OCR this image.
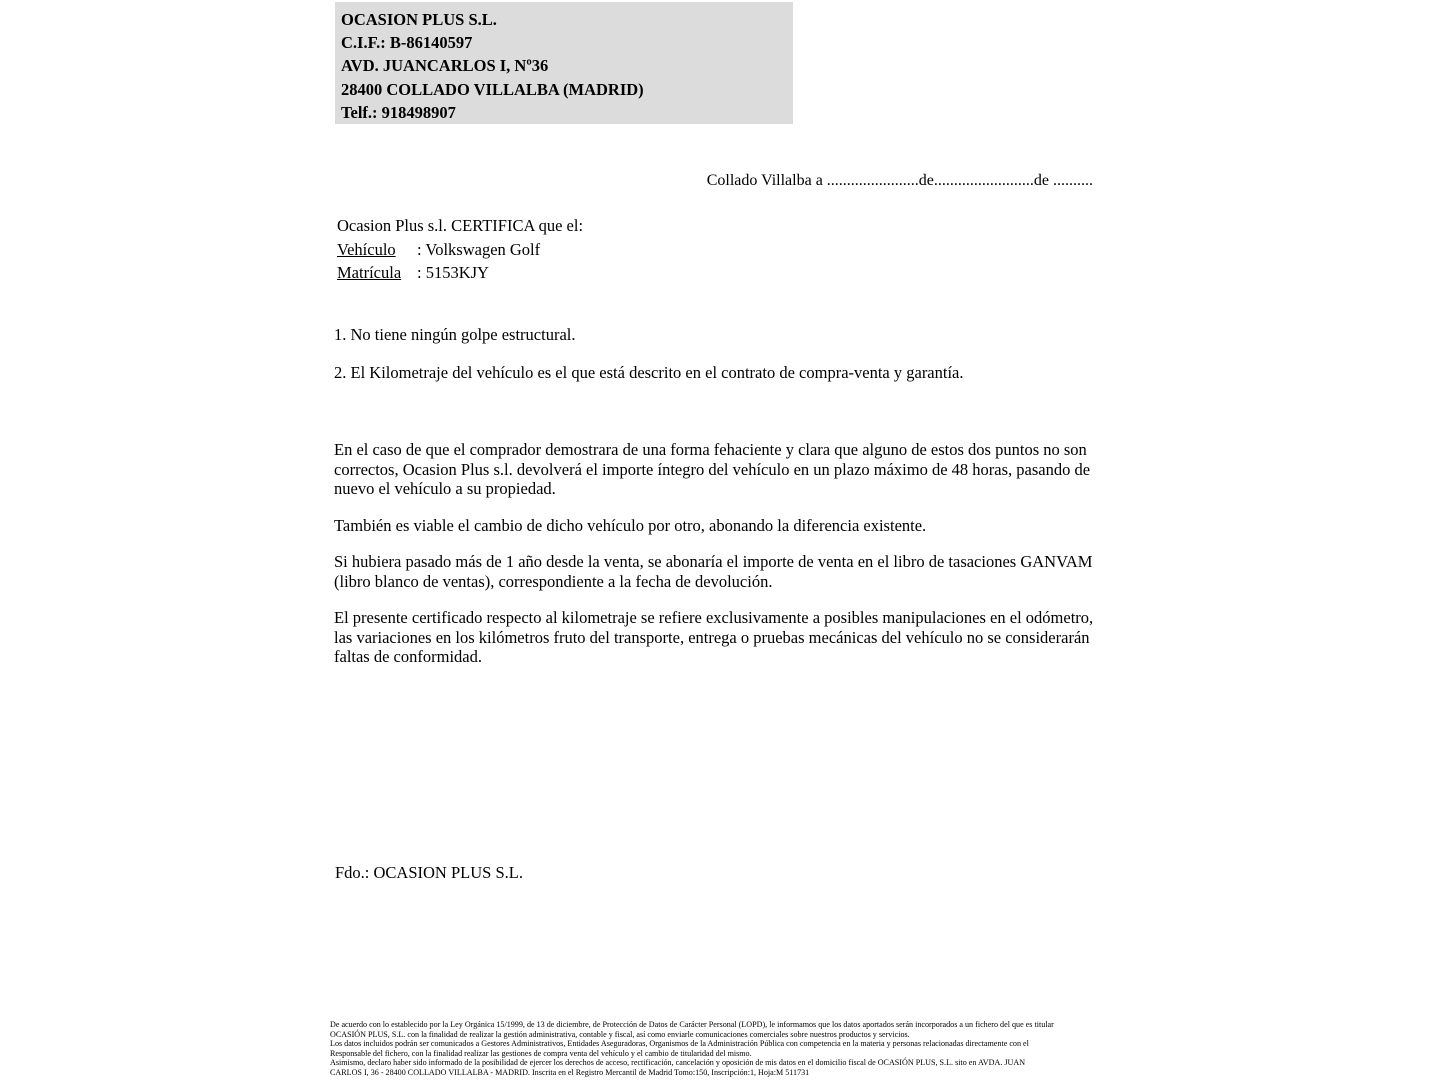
OCASION PLUS S.L.
C.I.F.: B-86140597
AVD. JUANCARLOS I, Nº36
28400 COLLADO VILLALBA (MADRID)
Telf.: 918498907
Collado Villalba a .......................de.........................de ..........
Ocasion Plus s.l. CERTIFICA que el:
Vehículo : Volkswagen Golf
Matrícula : 5153KJY

1. No tiene ningún golpe estructural.

2. El Kilometraje del vehículo es el que está descrito en el contrato de compra-venta y garantía.

En el caso de que el comprador demostrara de una forma fehaciente y clara que alguno de estos dos puntos no son correctos, Ocasion Plus s.l. devolverá el importe íntegro del vehículo en un plazo máximo de 48 horas, pasando de nuevo el vehículo a su propiedad.

También es viable el cambio de dicho vehículo por otro, abonando la diferencia existente.

Si hubiera pasado más de 1 año desde la venta, se abonaría el importe de venta en el libro de tasaciones GANVAM (libro blanco de ventas), correspondiente a la fecha de devolución.

El presente certificado respecto al kilometraje se refiere exclusivamente a posibles manipulaciones en el odómetro, las variaciones en los kilómetros fruto del transporte, entrega o pruebas mecánicas del vehículo no se considerarán faltas de conformidad.

Fdo.: OCASION PLUS S.L.
De acuerdo con lo establecido por la Ley Orgánica 15/1999, de 13 de diciembre, de Protección de Datos de Carácter Personal (LOPD), le informamos que los datos aportados serán incorporados a un fichero del que es titular
OCASIÓN PLUS, S.L. con la finalidad de realizar la gestión administrativa, contable y fiscal, así como enviarle comunicaciones comerciales sobre nuestros productos y servicios.
Los datos incluidos podrán ser comunicados a Gestores Administrativos, Entidades Aseguradoras, Organismos de la Administración Pública con competencia en la materia y personas relacionadas directamente con el
Responsable del fichero, con la finalidad realizar las gestiones de compra venta del vehículo y el cambio de titularidad del mismo.
Asimismo, declaro haber sido informado de la posibilidad de ejercer los derechos de acceso, rectificación, cancelación y oposición de mis datos en el domicilio fiscal de OCASIÓN PLUS, S.L. sito en AVDA. JUAN
CARLOS I, 36 - 28400 COLLADO VILLALBA - MADRID. Inscrita en el Registro Mercantil de Madrid Tomo:150, Inscripción:1, Hoja:M 511731
